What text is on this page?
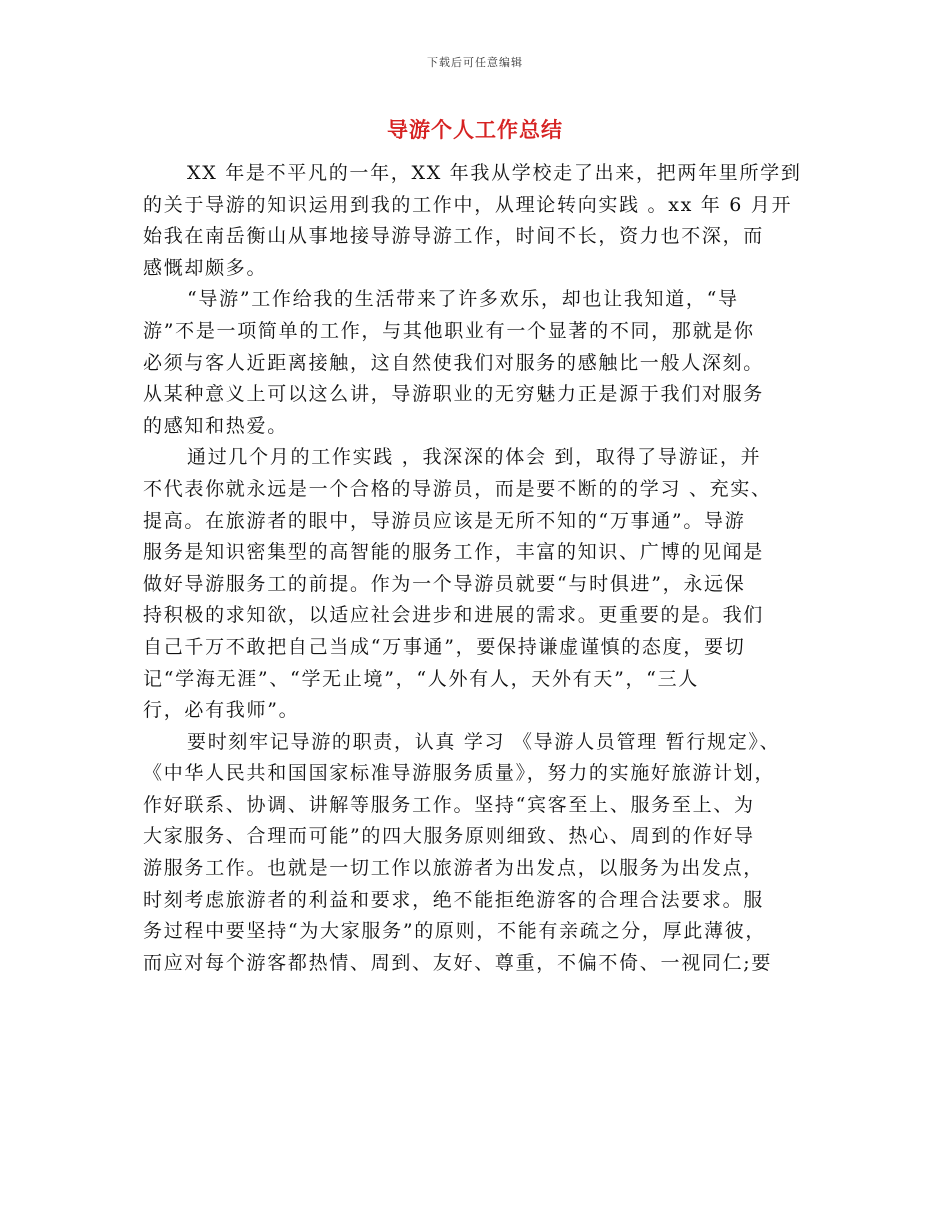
下载后可任意编辑
导游个人工作总结
XX 年是不平凡的一年，XX 年我从学校走了出来，把两年里所学到
的关于导游的知识运用到我的工作中，从理论转向实践 。xx 年 6 月开
始我在南岳衡山从事地接导游导游工作，时间不长，资力也不深，而
感慨却颇多。
“导游”工作给我的生活带来了许多欢乐，却也让我知道，“导
游”不是一项简单的工作，与其他职业有一个显著的不同，那就是你
必须与客人近距离接触，这自然使我们对服务的感触比一般人深刻。
从某种意义上可以这么讲，导游职业的无穷魅力正是源于我们对服务
的感知和热爱。
通过几个月的工作实践 ，我深深的体会 到，取得了导游证，并
不代表你就永远是一个合格的导游员，而是要不断的的学习 、充实、
提高。在旅游者的眼中，导游员应该是无所不知的“万事通”。导游
服务是知识密集型的高智能的服务工作，丰富的知识、广博的见闻是
做好导游服务工的前提。作为一个导游员就要“与时俱进”，永远保
持积极的求知欲，以适应社会进步和进展的需求。更重要的是。我们
自己千万不敢把自己当成“万事通”，要保持谦虚谨慎的态度，要切
记“学海无涯”、“学无止境”，“人外有人，天外有天”，“三人
行，必有我师”。
要时刻牢记导游的职责，认真 学习 《导游人员管理 暂行规定》、
《中华人民共和国国家标准导游服务质量》，努力的实施好旅游计划，
作好联系、协调、讲解等服务工作。坚持“宾客至上、服务至上、为
大家服务、合理而可能”的四大服务原则细致、热心、周到的作好导
游服务工作。也就是一切工作以旅游者为出发点，以服务为出发点，
时刻考虑旅游者的利益和要求，绝不能拒绝游客的合理合法要求。服
务过程中要坚持“为大家服务”的原则，不能有亲疏之分，厚此薄彼，
而应对每个游客都热情、周到、友好、尊重，不偏不倚、一视同仁;要
